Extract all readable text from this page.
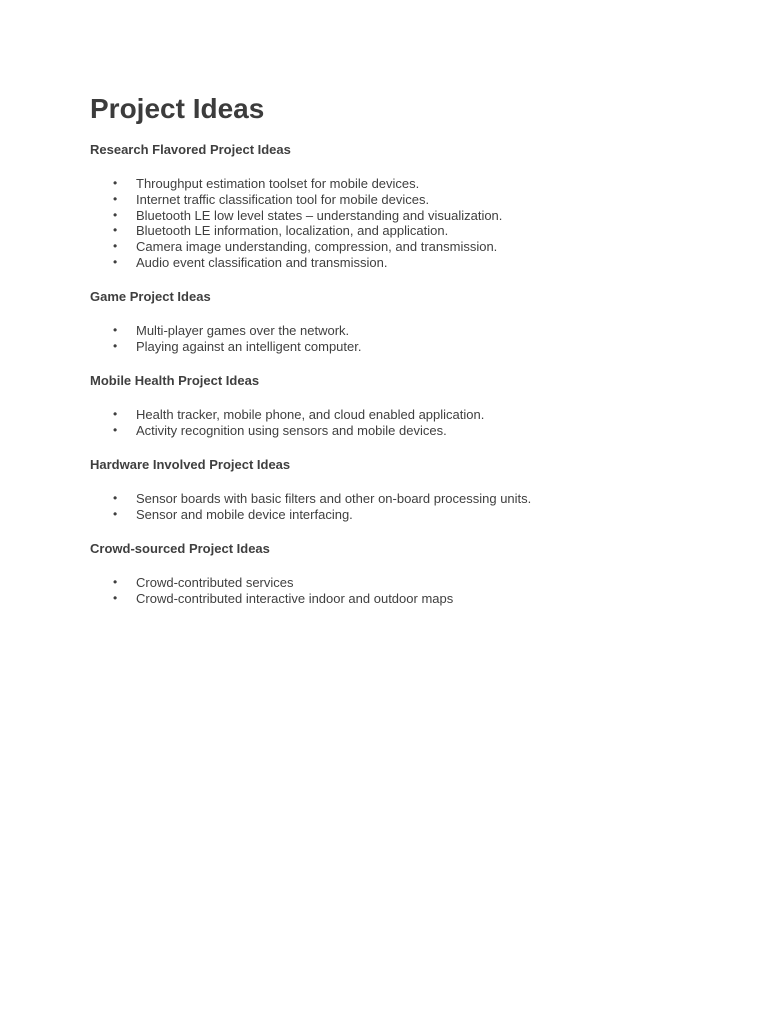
Project Ideas
Research Flavored Project Ideas
• Throughput estimation toolset for mobile devices.
• Internet traffic classification tool for mobile devices.
• Bluetooth LE low level states – understanding and visualization.
• Bluetooth LE information, localization, and application.
• Camera image understanding, compression, and transmission.
• Audio event classification and transmission.
Game Project Ideas
• Multi-player games over the network.
• Playing against an intelligent computer.
Mobile Health Project Ideas
• Health tracker, mobile phone, and cloud enabled application.
• Activity recognition using sensors and mobile devices.
Hardware Involved Project Ideas
• Sensor boards with basic filters and other on-board processing units.
• Sensor and mobile device interfacing.
Crowd-sourced Project Ideas
• Crowd-contributed services
• Crowd-contributed interactive indoor and outdoor maps
